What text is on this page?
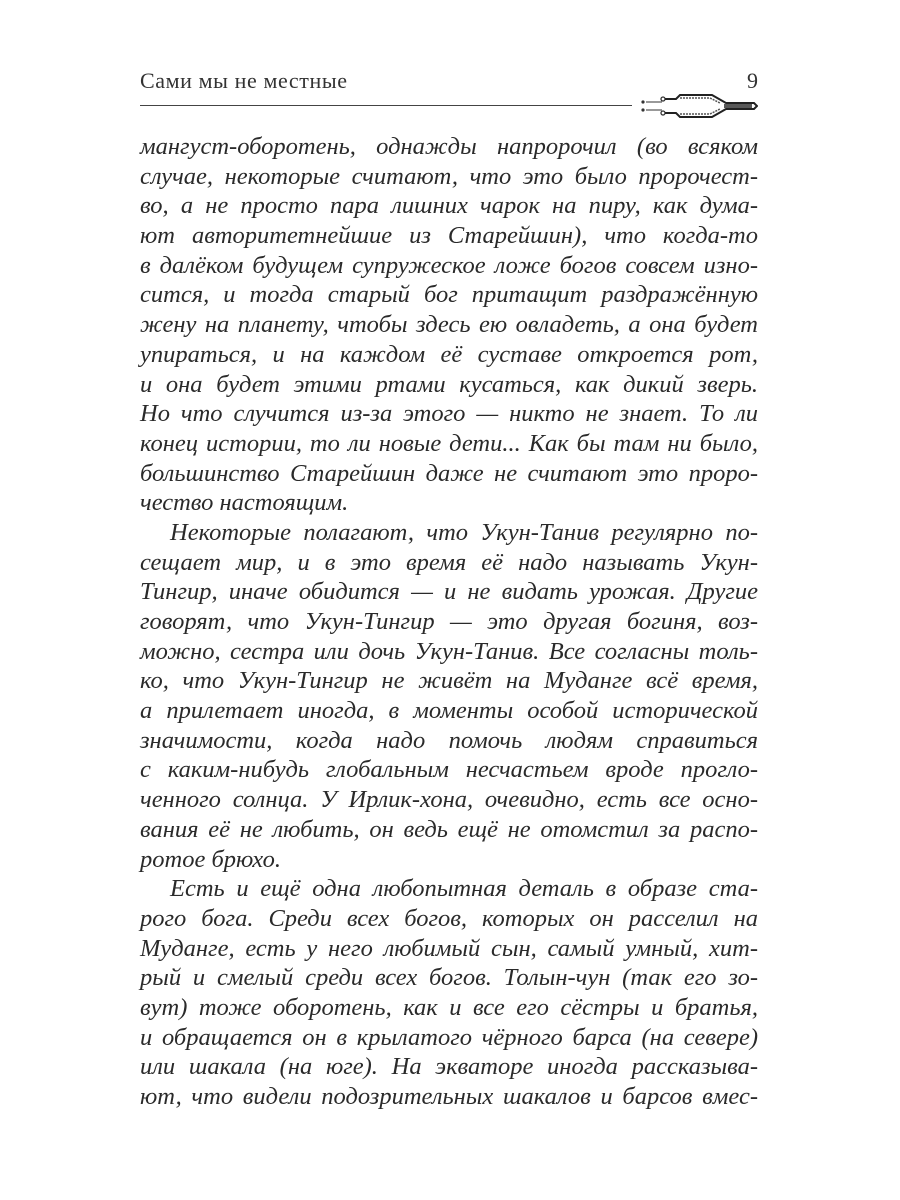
Сами мы не местные	9
мангуст-оборотень, однажды напророчил (во всяком
случае, некоторые считают, что это было пророчест-
во, а не просто пара лишних чарок на пиру, как дума-
ют авторитетнейшие из Старейшин), что когда-то
в далёком будущем супружеское ложе богов совсем изно-
сится, и тогда старый бог притащит раздражённую
жену на планету, чтобы здесь ею овладеть, а она будет
упираться, и на каждом её суставе откроется рот,
и она будет этими ртами кусаться, как дикий зверь.
Но что случится из-за этого — никто не знает. То ли
конец истории, то ли новые дети... Как бы там ни было,
большинство Старейшин даже не считают это проро-
чество настоящим.
Некоторые полагают, что Укун-Танив регулярно по-
сещает мир, и в это время её надо называть Укун-
Тингир, иначе обидится — и не видать урожая. Другие
говорят, что Укун-Тингир — это другая богиня, воз-
можно, сестра или дочь Укун-Танив. Все согласны толь-
ко, что Укун-Тингир не живёт на Муданге всё время,
а прилетает иногда, в моменты особой исторической
значимости, когда надо помочь людям справиться
с каким-нибудь глобальным несчастьем вроде прогло-
ченного солнца. У Ирлик-хона, очевидно, есть все осно-
вания её не любить, он ведь ещё не отомстил за распо-
ротое брюхо.
Есть и ещё одна любопытная деталь в образе ста-
рого бога. Среди всех богов, которых он расселил на
Муданге, есть у него любимый сын, самый умный, хит-
рый и смелый среди всех богов. Толын-чун (так его зо-
вут) тоже оборотень, как и все его сёстры и братья,
и обращается он в крылатого чёрного барса (на севере)
или шакала (на юге). На экваторе иногда рассказыва-
ют, что видели подозрительных шакалов и барсов вмес-
